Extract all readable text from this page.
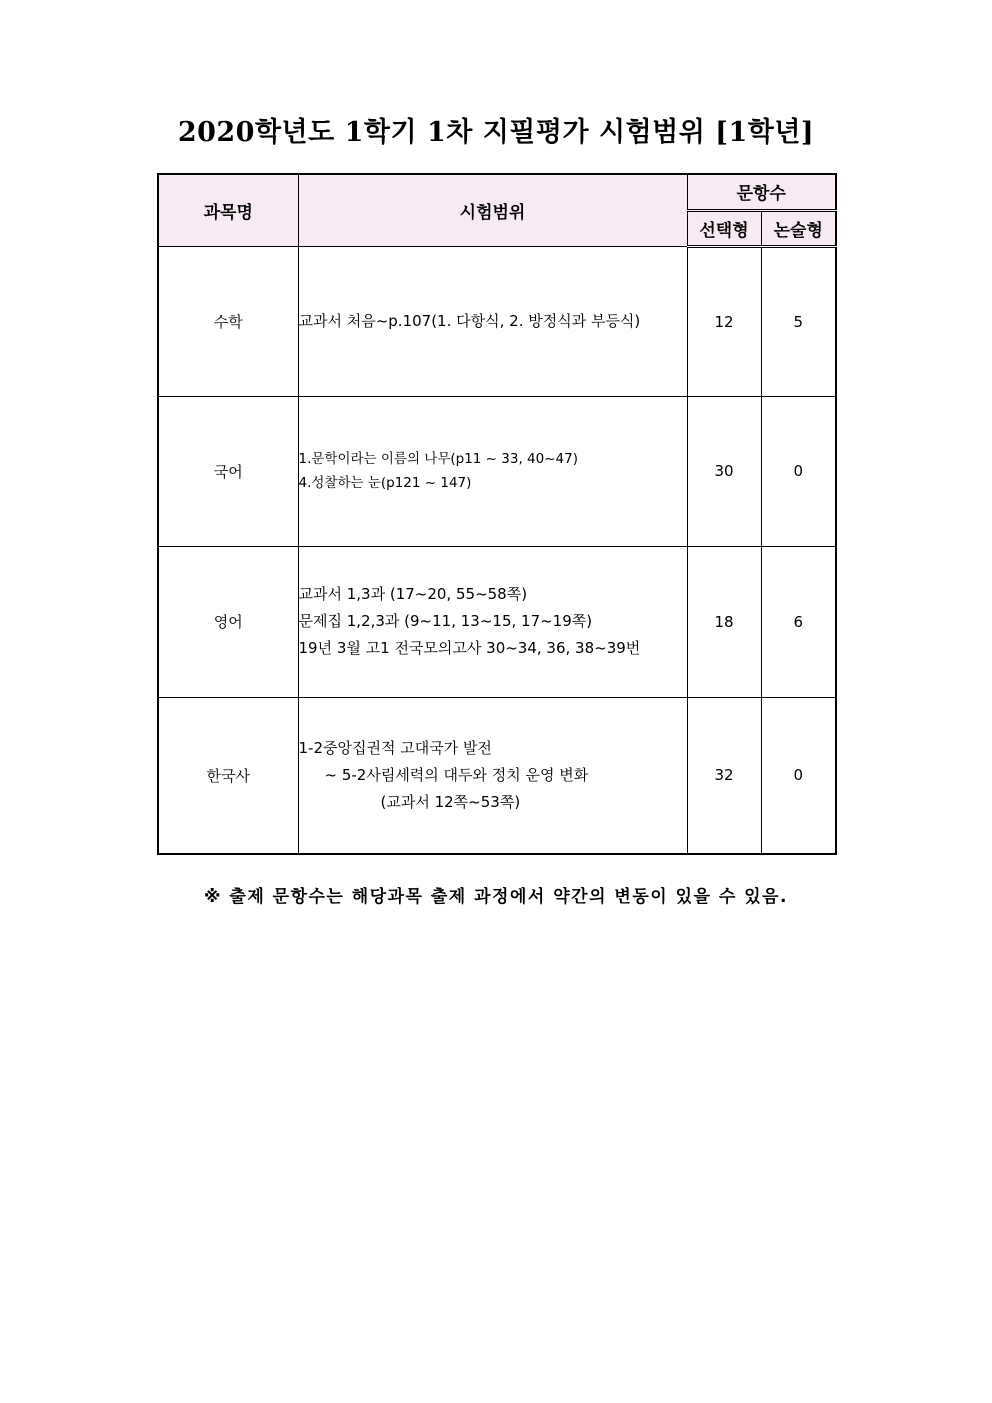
2020학년도 1학기 1차 지필평가 시험범위 [1학년]
과목명	시험범위	문항수	
		선택형	논술형
수학	교과서 처음~p.107(1. 다항식, 2. 방정식과 부등식)	12	5
국어	1.문학이라는 이름의 나무(p11 ~ 33, 40~47)
4.성찰하는 눈(p121 ~ 147)	30	0
영어	교과서 1,3과 (17~20, 55~58쪽)
문제집 1,2,3과 (9~11, 13~15, 17~19쪽)
19년 3월 고1 전국모의고사 30~34, 36, 38~39번	18	6
한국사	1-2중앙집권적 고대국가 발전
~ 5-2사림세력의 대두와 정치 운영 변화
(교과서 12쪽~53쪽)	32	0
※ 출제 문항수는 해당과목 출제 과정에서 약간의 변동이 있을 수 있음.
